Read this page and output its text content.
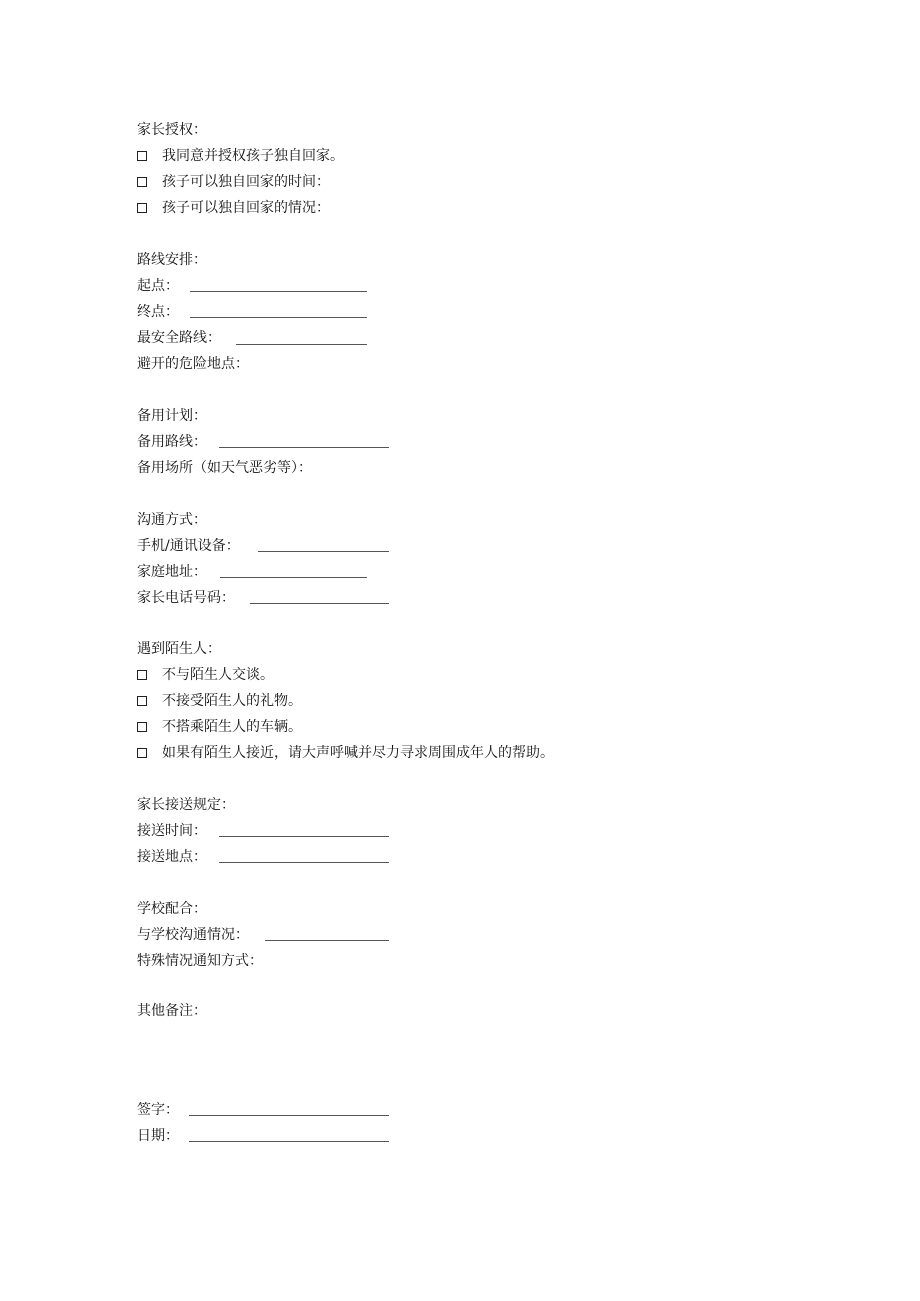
家长授权：
我同意并授权孩子独自回家。
孩子可以独自回家的时间：
孩子可以独自回家的情况：
路线安排：
起点：
终点：
最安全路线：
避开的危险地点：
备用计划：
备用路线：
备用场所（如天气恶劣等）：
沟通方式：
手机/通讯设备：
家庭地址：
家长电话号码：
遇到陌生人：
不与陌生人交谈。
不接受陌生人的礼物。
不搭乘陌生人的车辆。
如果有陌生人接近，请大声呼喊并尽力寻求周围成年人的帮助。
家长接送规定：
接送时间：
接送地点：
学校配合：
与学校沟通情况：
特殊情况通知方式：
其他备注：
签字：
日期：
